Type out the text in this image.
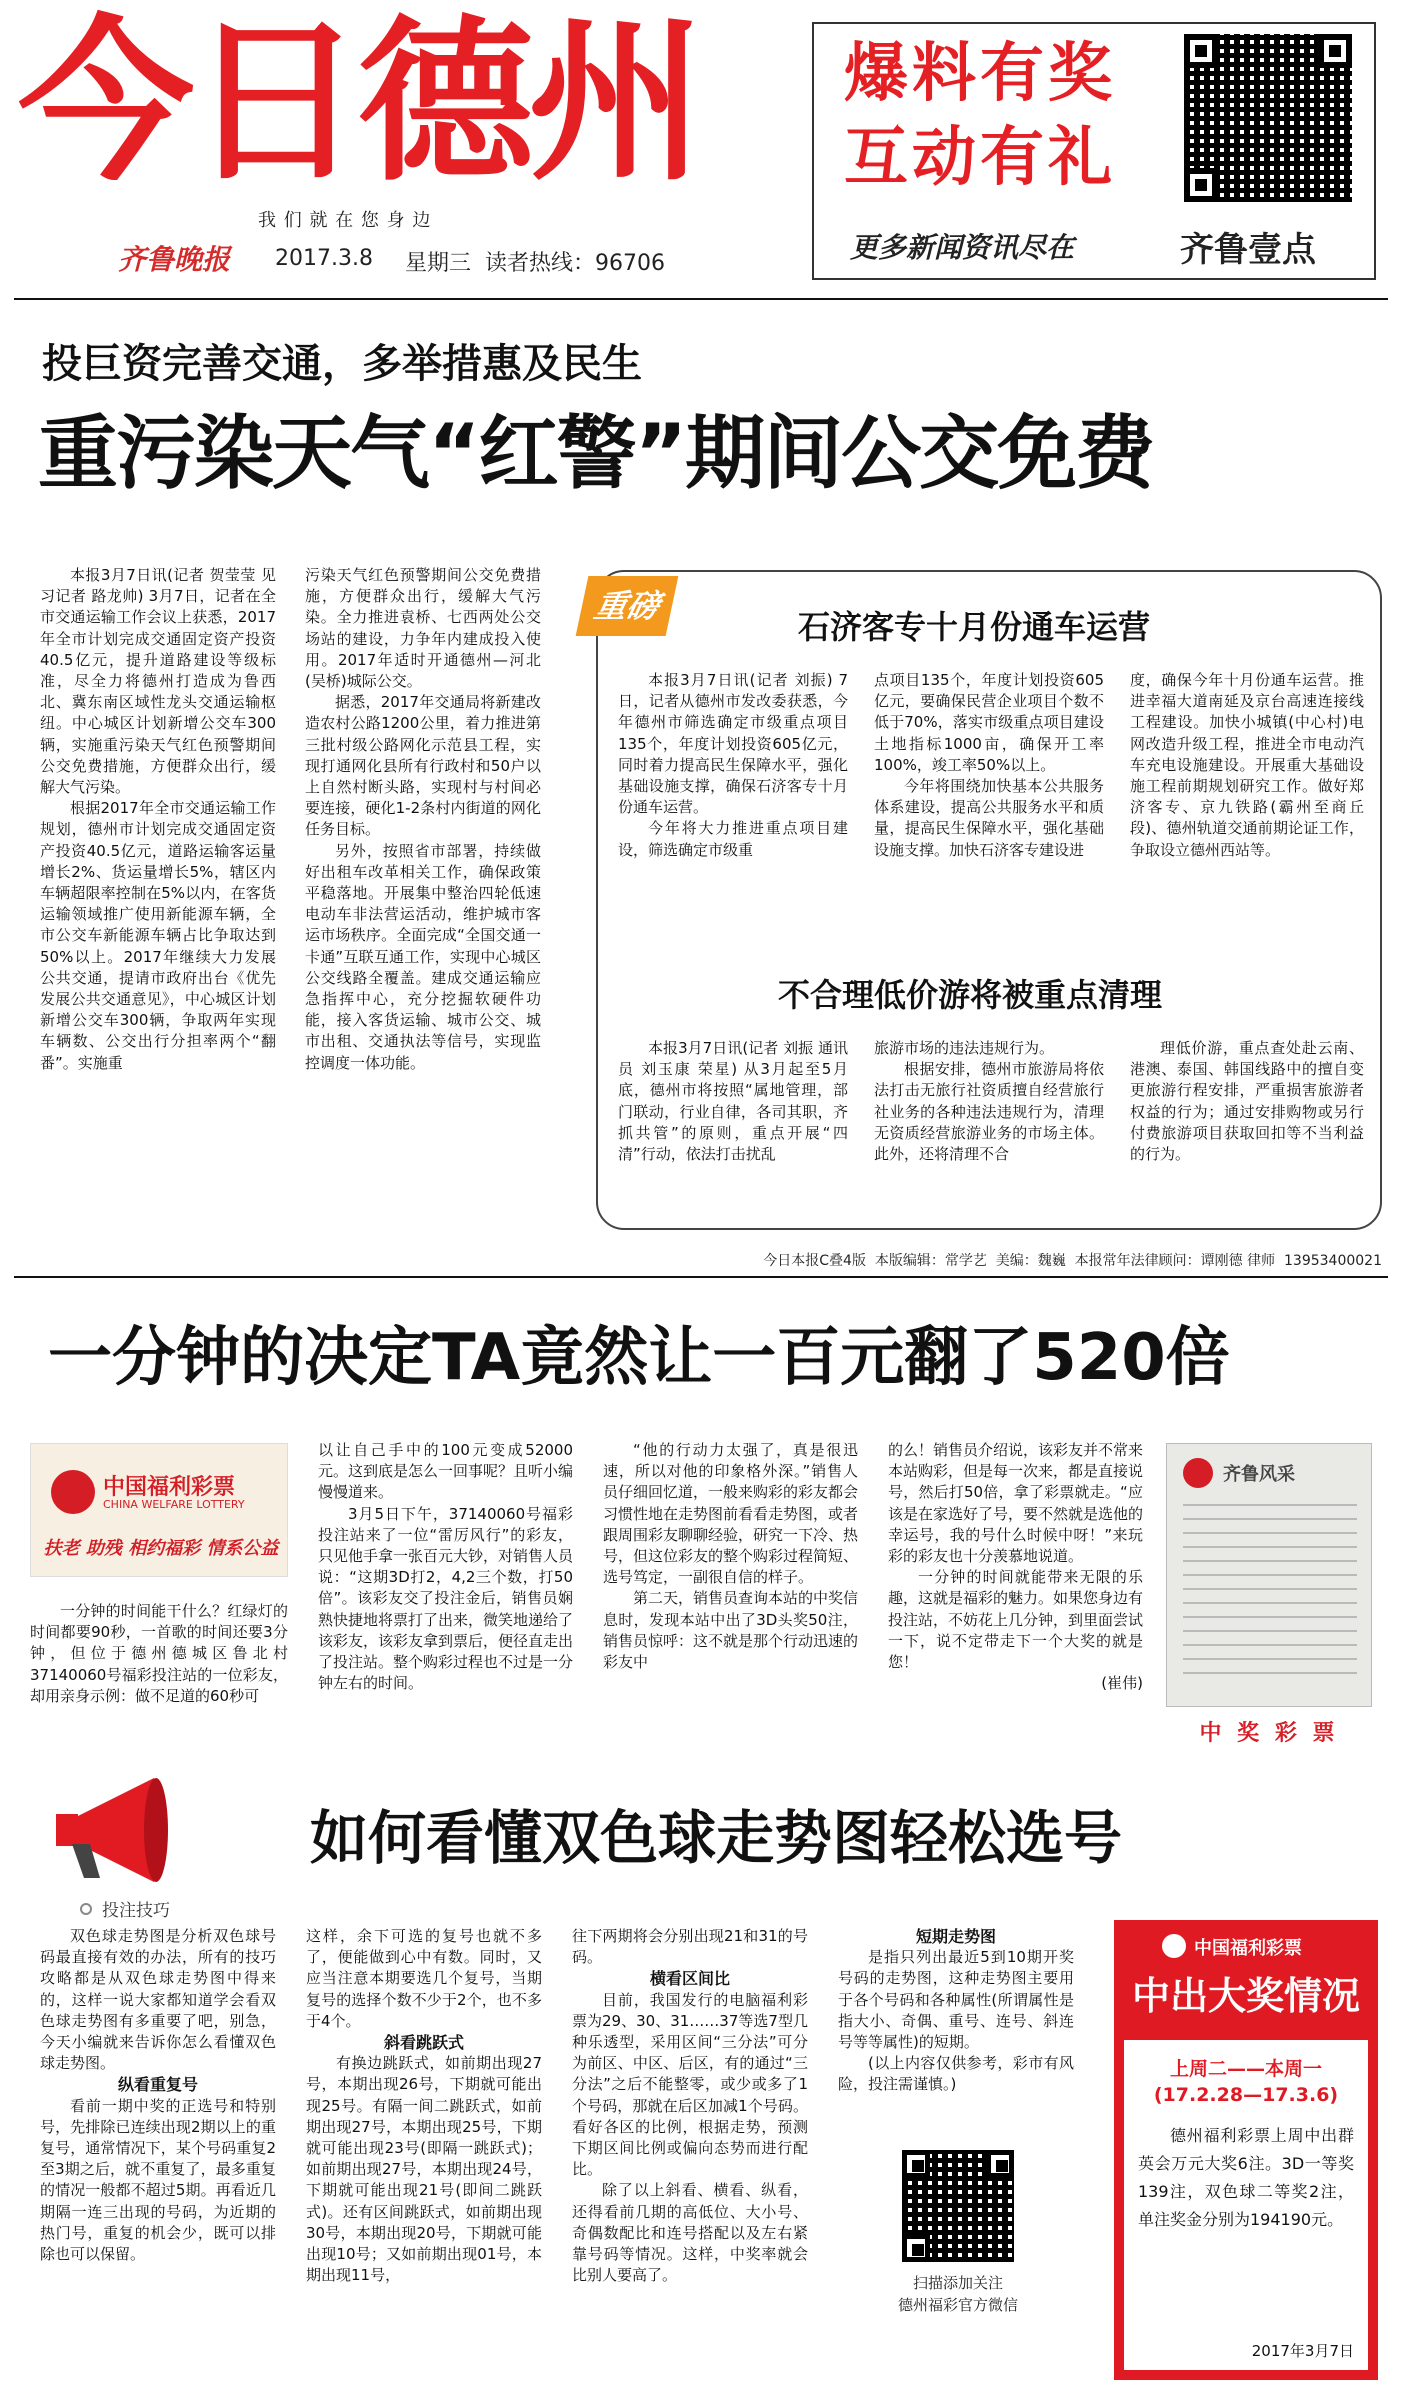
今日德州
我 们 就 在 您 身 边
齐鲁晚报 2017.3.8 星期三 读者热线：96706
爆料有奖
互动有礼
更多新闻资讯尽在	齐鲁壹点
投巨资完善交通，多举措惠及民生
重污染天气“红警”期间公交免费

本报3月7日讯(记者 贺莹莹 见习记者 路龙帅) 3月7日，记者在全市交通运输工作会议上获悉，2017年全市计划完成交通固定资产投资40.5亿元，提升道路建设等级标准，尽全力将德州打造成为鲁西北、冀东南区域性龙头交通运输枢纽。中心城区计划新增公交车300辆，实施重污染天气红色预警期间公交免费措施，方便群众出行，缓解大气污染。

根据2017年全市交通运输工作规划，德州市计划完成交通固定资产投资40.5亿元，道路运输客运量增长2%、货运量增长5%，辖区内车辆超限率控制在5%以内，在客货运输领域推广使用新能源车辆，全市公交车新能源车辆占比争取达到50%以上。2017年继续大力发展公共交通，提请市政府出台《优先发展公共交通意见》，中心城区计划新增公交车300辆，争取两年实现车辆数、公交出行分担率两个“翻番”。实施重

污染天气红色预警期间公交免费措施，方便群众出行，缓解大气污染。全力推进袁桥、七西两处公交场站的建设，力争年内建成投入使用。2017年适时开通德州—河北(吴桥)城际公交。

据悉，2017年交通局将新建改造农村公路1200公里，着力推进第三批村级公路网化示范县工程，实现打通网化县所有行政村和50户以上自然村断头路，实现村与村间必要连接，硬化1-2条村内街道的网化任务目标。

另外，按照省市部署，持续做好出租车改革相关工作，确保政策平稳落地。开展集中整治四轮低速电动车非法营运活动，维护城市客运市场秩序。全面完成“全国交通一卡通”互联互通工作，实现中心城区公交线路全覆盖。建成交通运输应急指挥中心，充分挖掘软硬件功能，接入客货运输、城市公交、城市出租、交通执法等信号，实现监控调度一体功能。

重磅
石济客专十月份通车运营

本报3月7日讯(记者 刘振) 7日，记者从德州市发改委获悉，今年德州市筛选确定市级重点项目135个，年度计划投资605亿元，同时着力提高民生保障水平，强化基础设施支撑，确保石济客专十月份通车运营。

今年将大力推进重点项目建设，筛选确定市级重

点项目135个，年度计划投资605亿元，要确保民营企业项目个数不低于70%，落实市级重点项目建设土地指标1000亩，确保开工率100%，竣工率50%以上。

今年将围绕加快基本公共服务体系建设，提高公共服务水平和质量，提高民生保障水平，强化基础设施支撑。加快石济客专建设进

度，确保今年十月份通车运营。推进幸福大道南延及京台高速连接线工程建设。加快小城镇(中心村)电网改造升级工程，推进全市电动汽车充电设施建设。开展重大基础设施工程前期规划研究工作。做好郑济客专、京九铁路(霸州至商丘段)、德州轨道交通前期论证工作，争取设立德州西站等。

不合理低价游将被重点清理

本报3月7日讯(记者 刘振 通讯员 刘玉康 荣星) 从3月起至5月底，德州市将按照“属地管理，部门联动，行业自律，各司其职，齐抓共管”的原则，重点开展“四清”行动，依法打击扰乱

旅游市场的违法违规行为。

根据安排，德州市旅游局将依法打击无旅行社资质擅自经营旅行社业务的各种违法违规行为，清理无资质经营旅游业务的市场主体。此外，还将清理不合

理低价游，重点查处赴云南、港澳、泰国、韩国线路中的擅自变更旅游行程安排，严重损害旅游者权益的行为；通过安排购物或另行付费旅游项目获取回扣等不当利益的行为。

今日本报C叠4版  本版编辑：常学艺  美编：魏巍  本报常年法律顾问：谭刚德 律师  13953400021
一分钟的决定TA竟然让一百元翻了520倍
中国福利彩票
CHINA WELFARE LOTTERY
扶老 助残 相约福彩 情系公益

一分钟的时间能干什么？红绿灯的时间都要90秒，一首歌的时间还要3分钟，但位于德州德城区鲁北村37140060号福彩投注站的一位彩友，却用亲身示例：做不足道的60秒可

以让自己手中的100元变成52000元。这到底是怎么一回事呢？且听小编慢慢道来。

3月5日下午，37140060号福彩投注站来了一位“雷厉风行”的彩友，只见他手拿一张百元大钞，对销售人员说：“这期3D打2，4,2三个数，打50倍”。该彩友交了投注金后，销售员娴熟快捷地将票打了出来，微笑地递给了该彩友，该彩友拿到票后，便径直走出了投注站。整个购彩过程也不过是一分钟左右的时间。

“他的行动力太强了，真是很迅速，所以对他的印象格外深。”销售人员仔细回忆道，一般来购彩的彩友都会习惯性地在走势图前看看走势图，或者跟周围彩友聊聊经验，研究一下冷、热号，但这位彩友的整个购彩过程简短、选号笃定，一副很自信的样子。

第二天，销售员查询本站的中奖信息时，发现本站中出了3D头奖50注，销售员惊呼：这不就是那个行动迅速的彩友中

的么！销售员介绍说，该彩友并不常来本站购彩，但是每一次来，都是直接说号，然后打50倍，拿了彩票就走。“应该是在家选好了号，要不然就是选他的幸运号，我的号什么时候中呀！”来玩彩的彩友也十分羡慕地说道。

一分钟的时间就能带来无限的乐趣，这就是福彩的魅力。如果您身边有投注站，不妨花上几分钟，到里面尝试一下，说不定带走下一个大奖的就是您！

(崔伟)

齐鲁风采
中 奖 彩 票
投注技巧
如何看懂双色球走势图轻松选号

双色球走势图是分析双色球号码最直接有效的办法，所有的技巧攻略都是从双色球走势图中得来的，这样一说大家都知道学会看双色球走势图有多重要了吧，别急，今天小编就来告诉你怎么看懂双色球走势图。

纵看重复号

看前一期中奖的正选号和特别号，先排除已连续出现2期以上的重复号，通常情况下，某个号码重复2至3期之后，就不重复了，最多重复的情况一般都不超过5期。再看近几期隔一连三出现的号码，为近期的热门号，重复的机会少，既可以排除也可以保留。

这样，余下可选的复号也就不多了，便能做到心中有数。同时，又应当注意本期要选几个复号，当期复号的选择个数不少于2个，也不多于4个。

斜看跳跃式

有换边跳跃式，如前期出现27号，本期出现26号，下期就可能出现25号。有隔一间二跳跃式，如前期出现27号，本期出现25号，下期就可能出现23号(即隔一跳跃式)；如前期出现27号，本期出现24号，下期就可能出现21号(即间二跳跃式)。还有区间跳跃式，如前期出现30号，本期出现20号，下期就可能出现10号；又如前期出现01号，本期出现11号，

往下两期将会分别出现21和31的号码。

横看区间比

目前，我国发行的电脑福利彩票为29、30、31……37等选7型几种乐透型，采用区间“三分法”可分为前区、中区、后区，有的通过“三分法”之后不能整零，或少或多了1个号码，那就在后区加减1个号码。看好各区的比例，根据走势，预测下期区间比例或偏向态势而进行配比。

除了以上斜看、横看、纵看，还得看前几期的高低位、大小号、奇偶数配比和连号搭配以及左右紧靠号码等情况。这样，中奖率就会比别人要高了。

短期走势图

是指只列出最近5到10期开奖号码的走势图，这种走势图主要用于各个号码和各种属性(所谓属性是指大小、奇偶、重号、连号、斜连号等等属性)的短期。

(以上内容仅供参考，彩市有风险，投注需谨慎。)

扫描添加关注
德州福彩官方微信
中国福利彩票
中出大奖情况
上周二——本周一
(17.2.28—17.3.6)
德州福利彩票上周中出群英会万元大奖6注。3D一等奖139注，双色球二等奖2注，单注奖金分别为194190元。
2017年3月7日
